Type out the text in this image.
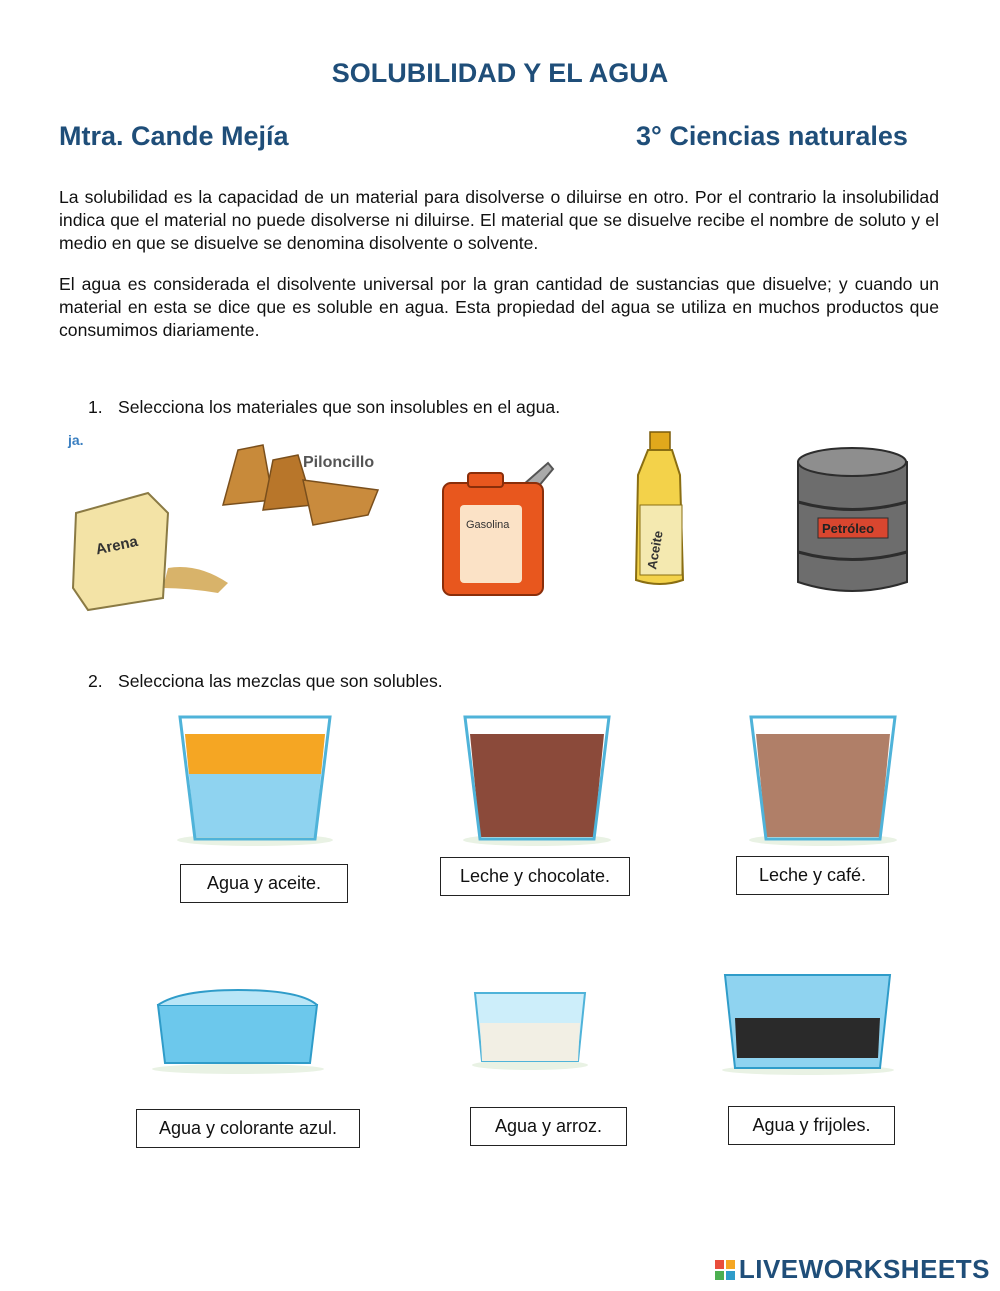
SOLUBILIDAD Y EL AGUA
Mtra. Cande Mejía	3° Ciencias naturales

La solubilidad es la capacidad de un material para disolverse o diluirse en otro. Por el contrario la insolubilidad indica que el material no puede disolverse ni diluirse. El material que se disuelve recibe el nombre de soluto y el medio en que se disuelve se denomina disolvente o solvente.

El agua es considerada el disolvente universal por la gran cantidad de sustancias que disuelve; y cuando un material en esta se dice que es soluble en agua. Esta propiedad del agua se utiliza en muchos productos que consumimos diariamente.

1. Selecciona los materiales que son insolubles en el agua.

ja.
Arena
Piloncillo
Gasolina
Aceite
Petróleo

2. Selecciona las mezclas que son solubles.

Agua y aceite.	Leche y chocolate.	Leche y café.
Agua y colorante azul.	Agua y arroz.	Agua y frijoles.
LIVEWORKSHEETS
